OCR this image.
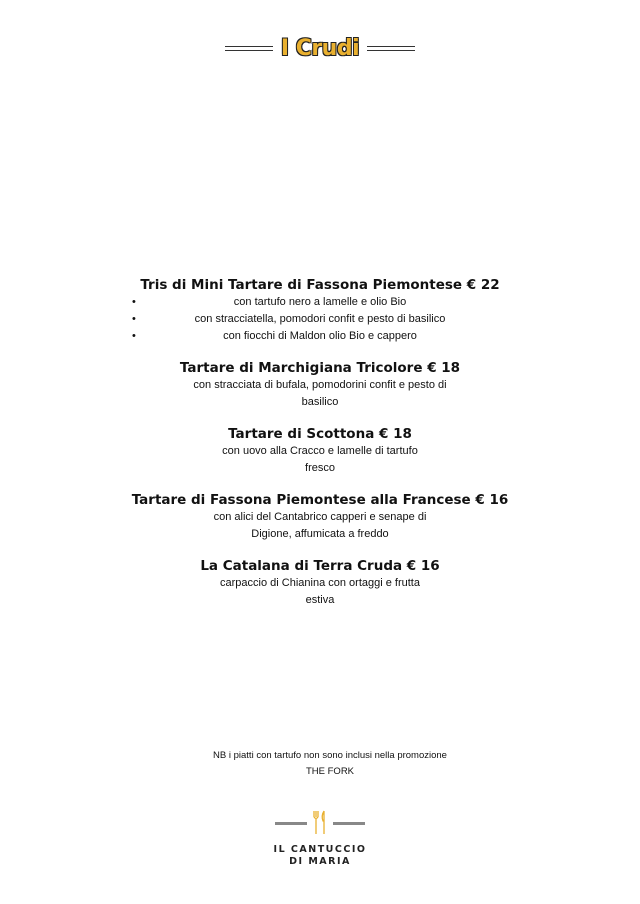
I Crudi
Tris di Mini Tartare di Fassona Piemontese € 22
•	con tartufo nero a lamelle e olio Bio
•	con stracciatella, pomodori confit e pesto di basilico
•	con fiocchi di Maldon olio Bio e cappero
Tartare di Marchigiana Tricolore € 18
con stracciata di bufala, pomodorini confit e pesto di
basilico
Tartare di Scottona € 18
con uovo alla Cracco e lamelle di tartufo
fresco
Tartare di Fassona Piemontese alla Francese € 16
con alici del Cantabrico capperi e senape di
Digione, affumicata a freddo
La Catalana di Terra Cruda € 16
carpaccio di Chianina con ortaggi e frutta
estiva
NB i piatti con tartufo non sono inclusi nella promozione
THE FORK
IL CANTUCCIO
DI MARIA
